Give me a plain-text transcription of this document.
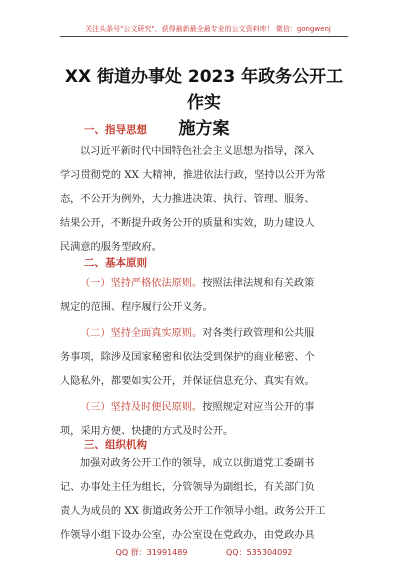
关注头条号"公文研究"，获得最新最全最专业的公文资料库！ 微信：gongwenj
XX 街道办事处 2023 年政务公开工作实
施方案
一、指导思想
以习近平新时代中国特色社会主义思想为指导，深入
学习贯彻党的 XX 大精神，推进依法行政，坚持以公开为常
态，不公开为例外，大力推进决策、执行、管理、服务、
结果公开，不断提升政务公开的质量和实效，助力建设人
民满意的服务型政府。
二、基本原则
（一）坚持严格依法原则。按照法律法规和有关政策
规定的范围、程序履行公开义务。
（二）坚持全面真实原则。对各类行政管理和公共服
务事项，除涉及国家秘密和依法受到保护的商业秘密、个
人隐私外，都要如实公开，并保证信息充分、真实有效。
（三）坚持及时便民原则。按照规定对应当公开的事
项，采用方便、快捷的方式及时公开。
三、组织机构
加强对政务公开工作的领导，成立以街道党工委副书
记、办事处主任为组长，分管领导为副组长，有关部门负
责人为成员的 XX 街道政务公开工作领导小组。政务公开工
作领导小组下设办公室，办公室设在党政办，由党政办具
QQ 群：31991489	QQ：535304092
